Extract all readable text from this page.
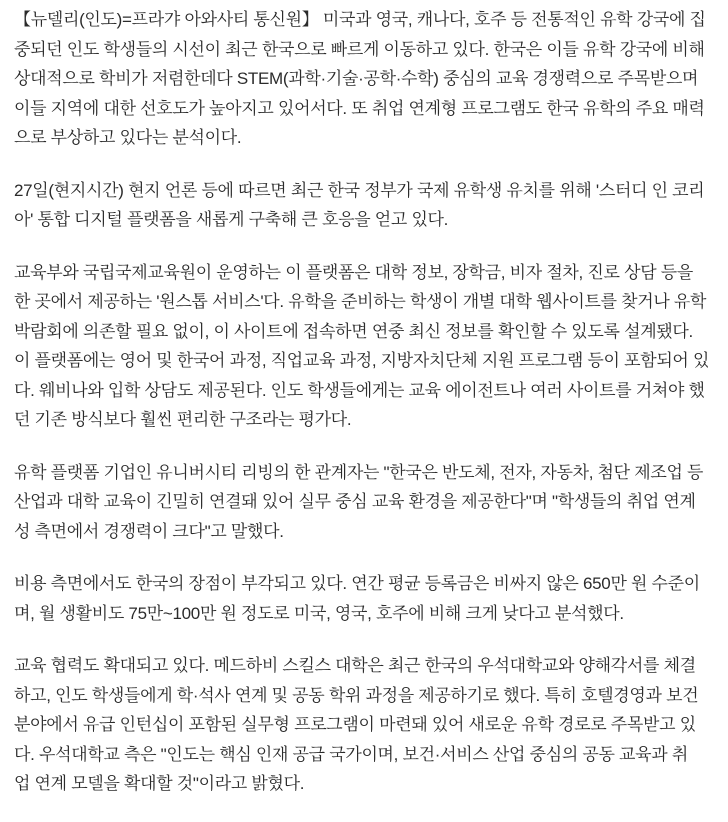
【뉴델리(인도)=프라갸 아와사티 통신원】 미국과 영국, 캐나다, 호주 등 전통적인 유학 강국에 집
중되던 인도 학생들의 시선이 최근 한국으로 빠르게 이동하고 있다. 한국은 이들 유학 강국에 비해
상대적으로 학비가 저렴한데다 STEM(과학·기술·공학·수학) 중심의 교육 경쟁력으로 주목받으며
이들 지역에 대한 선호도가 높아지고 있어서다. 또 취업 연계형 프로그램도 한국 유학의 주요 매력
으로 부상하고 있다는 분석이다.

27일(현지시간) 현지 언론 등에 따르면 최근 한국 정부가 국제 유학생 유치를 위해 '스터디 인 코리
아' 통합 디지털 플랫폼을 새롭게 구축해 큰 호응을 얻고 있다.

교육부와 국립국제교육원이 운영하는 이 플랫폼은 대학 정보, 장학금, 비자 절차, 진로 상담 등을
한 곳에서 제공하는 '원스톱 서비스'다. 유학을 준비하는 학생이 개별 대학 웹사이트를 찾거나 유학
박람회에 의존할 필요 없이, 이 사이트에 접속하면 연중 최신 정보를 확인할 수 있도록 설계됐다.
이 플랫폼에는 영어 및 한국어 과정, 직업교육 과정, 지방자치단체 지원 프로그램 등이 포함되어 있
다. 웨비나와 입학 상담도 제공된다. 인도 학생들에게는 교육 에이전트나 여러 사이트를 거쳐야 했
던 기존 방식보다 훨씬 편리한 구조라는 평가다.

유학 플랫폼 기업인 유니버시티 리빙의 한 관계자는 "한국은 반도체, 전자, 자동차, 첨단 제조업 등
산업과 대학 교육이 긴밀히 연결돼 있어 실무 중심 교육 환경을 제공한다"며 "학생들의 취업 연계
성 측면에서 경쟁력이 크다"고 말했다.

비용 측면에서도 한국의 장점이 부각되고 있다. 연간 평균 등록금은 비싸지 않은 650만 원 수준이
며, 월 생활비도 75만~100만 원 정도로 미국, 영국, 호주에 비해 크게 낮다고 분석했다.

교육 협력도 확대되고 있다. 메드하비 스킬스 대학은 최근 한국의 우석대학교와 양해각서를 체결
하고, 인도 학생들에게 학·석사 연계 및 공동 학위 과정을 제공하기로 했다. 특히 호텔경영과 보건
분야에서 유급 인턴십이 포함된 실무형 프로그램이 마련돼 있어 새로운 유학 경로로 주목받고 있
다. 우석대학교 측은 "인도는 핵심 인재 공급 국가이며, 보건·서비스 산업 중심의 공동 교육과 취
업 연계 모델을 확대할 것"이라고 밝혔다.
